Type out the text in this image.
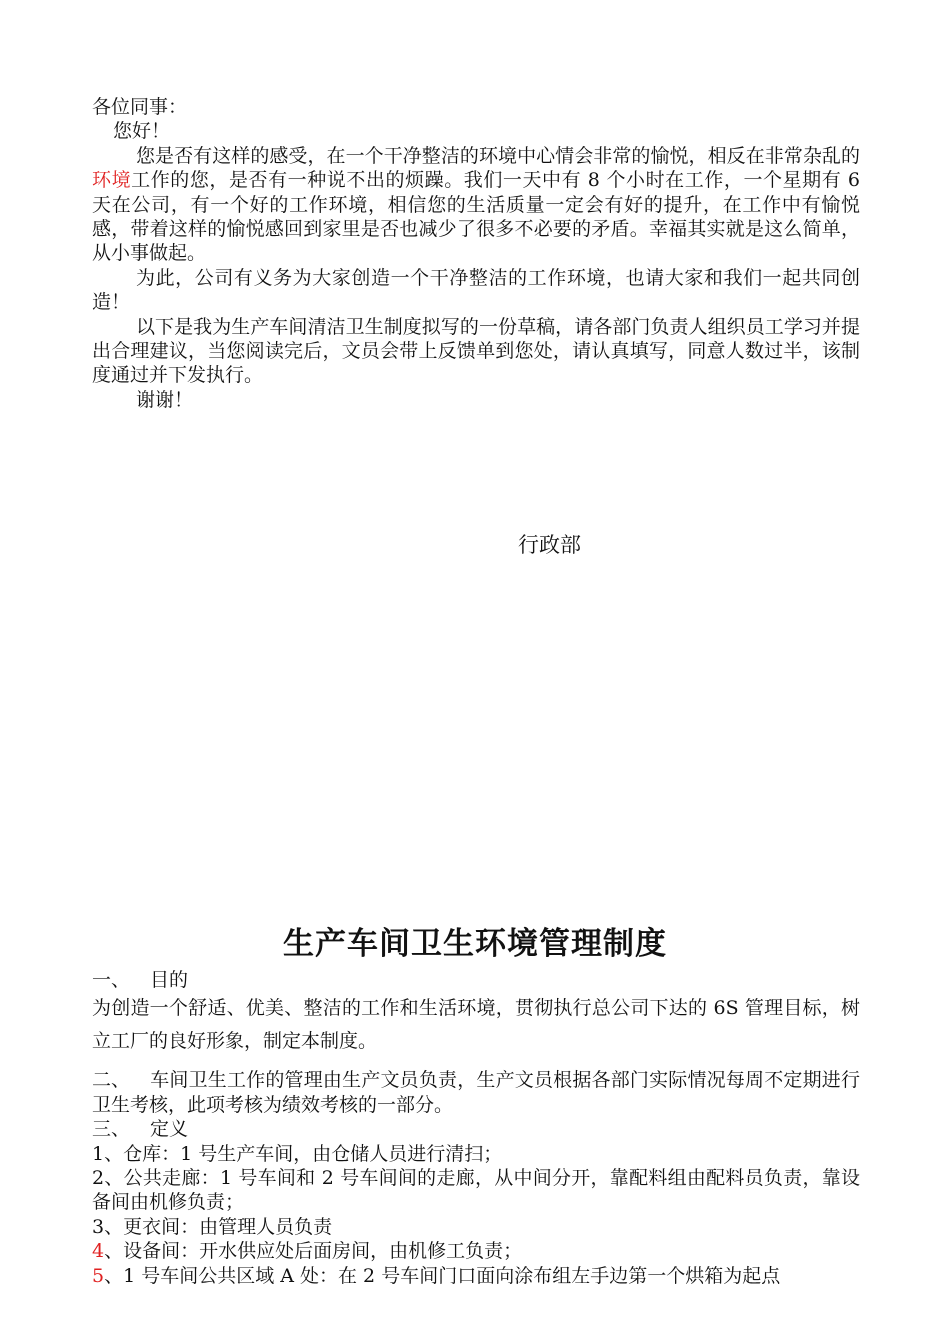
各位同事：

您好！

您是否有这样的感受，在一个干净整洁的环境中心情会非常的愉悦，相反在非常杂乱的环境工作的您，是否有一种说不出的烦躁。我们一天中有 8 个小时在工作，一个星期有 6 天在公司，有一个好的工作环境，相信您的生活质量一定会有好的提升，在工作中有愉悦感，带着这样的愉悦感回到家里是否也减少了很多不必要的矛盾。幸福其实就是这么简单，从小事做起。

为此，公司有义务为大家创造一个干净整洁的工作环境，也请大家和我们一起共同创造！

以下是我为生产车间清洁卫生制度拟写的一份草稿，请各部门负责人组织员工学习并提出合理建议，当您阅读完后，文员会带上反馈单到您处，请认真填写，同意人数过半，该制度通过并下发执行。

谢谢！

行政部
生产车间卫生环境管理制度

一、 目的

为创造一个舒适、优美、整洁的工作和生活环境，贯彻执行总公司下达的 6S 管理目标，树立工厂的良好形象，制定本制度。

二、 车间卫生工作的管理由生产文员负责，生产文员根据各部门实际情况每周不定期进行卫生考核，此项考核为绩效考核的一部分。

三、 定义

1、仓库：1 号生产车间，由仓储人员进行清扫；

2、公共走廊：1 号车间和 2 号车间间的走廊，从中间分开，靠配料组由配料员负责，靠设备间由机修负责；

3、更衣间：由管理人员负责

4、设备间：开水供应处后面房间，由机修工负责；

5、1 号车间公共区域 A 处：在 2 号车间门口面向涂布组左手边第一个烘箱为起点
